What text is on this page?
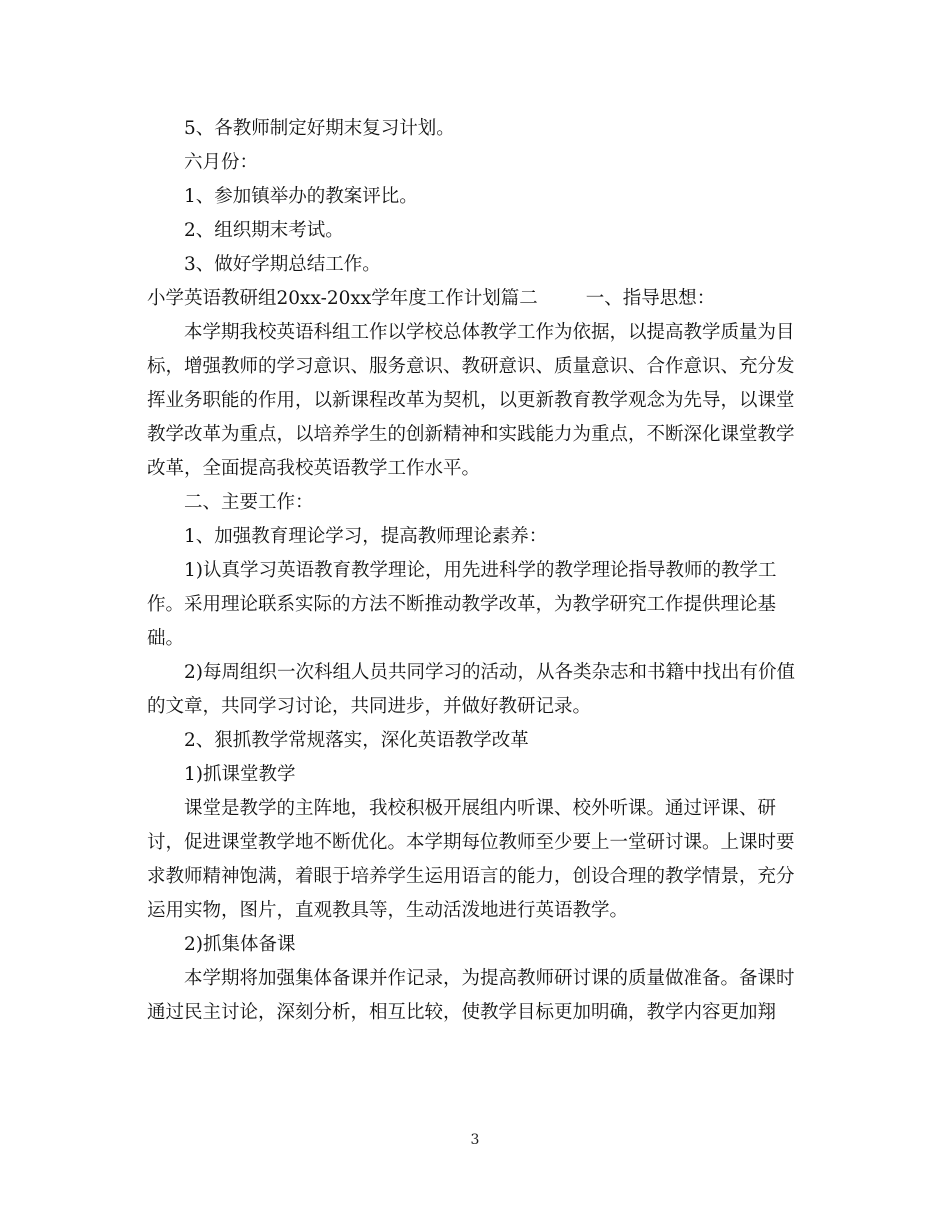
5、各教师制定好期末复习计划。
六月份：
1、参加镇举办的教案评比。
2、组织期末考试。
3、做好学期总结工作。
小学英语教研组20xx-20xx学年度工作计划篇二	一、指导思想：
本学期我校英语科组工作以学校总体教学工作为依据，以提高教学质量为目
标，增强教师的学习意识、服务意识、教研意识、质量意识、合作意识、充分发
挥业务职能的作用，以新课程改革为契机，以更新教育教学观念为先导，以课堂
教学改革为重点，以培养学生的创新精神和实践能力为重点，不断深化课堂教学
改革，全面提高我校英语教学工作水平。
二、主要工作：
1、加强教育理论学习，提高教师理论素养：
1)认真学习英语教育教学理论，用先进科学的教学理论指导教师的教学工
作。采用理论联系实际的方法不断推动教学改革，为教学研究工作提供理论基
础。
2)每周组织一次科组人员共同学习的活动，从各类杂志和书籍中找出有价值
的文章，共同学习讨论，共同进步，并做好教研记录。
2、狠抓教学常规落实，深化英语教学改革
1)抓课堂教学
课堂是教学的主阵地，我校积极开展组内听课、校外听课。通过评课、研
讨，促进课堂教学地不断优化。本学期每位教师至少要上一堂研讨课。上课时要
求教师精神饱满，着眼于培养学生运用语言的能力，创设合理的教学情景，充分
运用实物，图片，直观教具等，生动活泼地进行英语教学。
2)抓集体备课
本学期将加强集体备课并作记录，为提高教师研讨课的质量做准备。备课时
通过民主讨论，深刻分析，相互比较，使教学目标更加明确，教学内容更加翔
3
